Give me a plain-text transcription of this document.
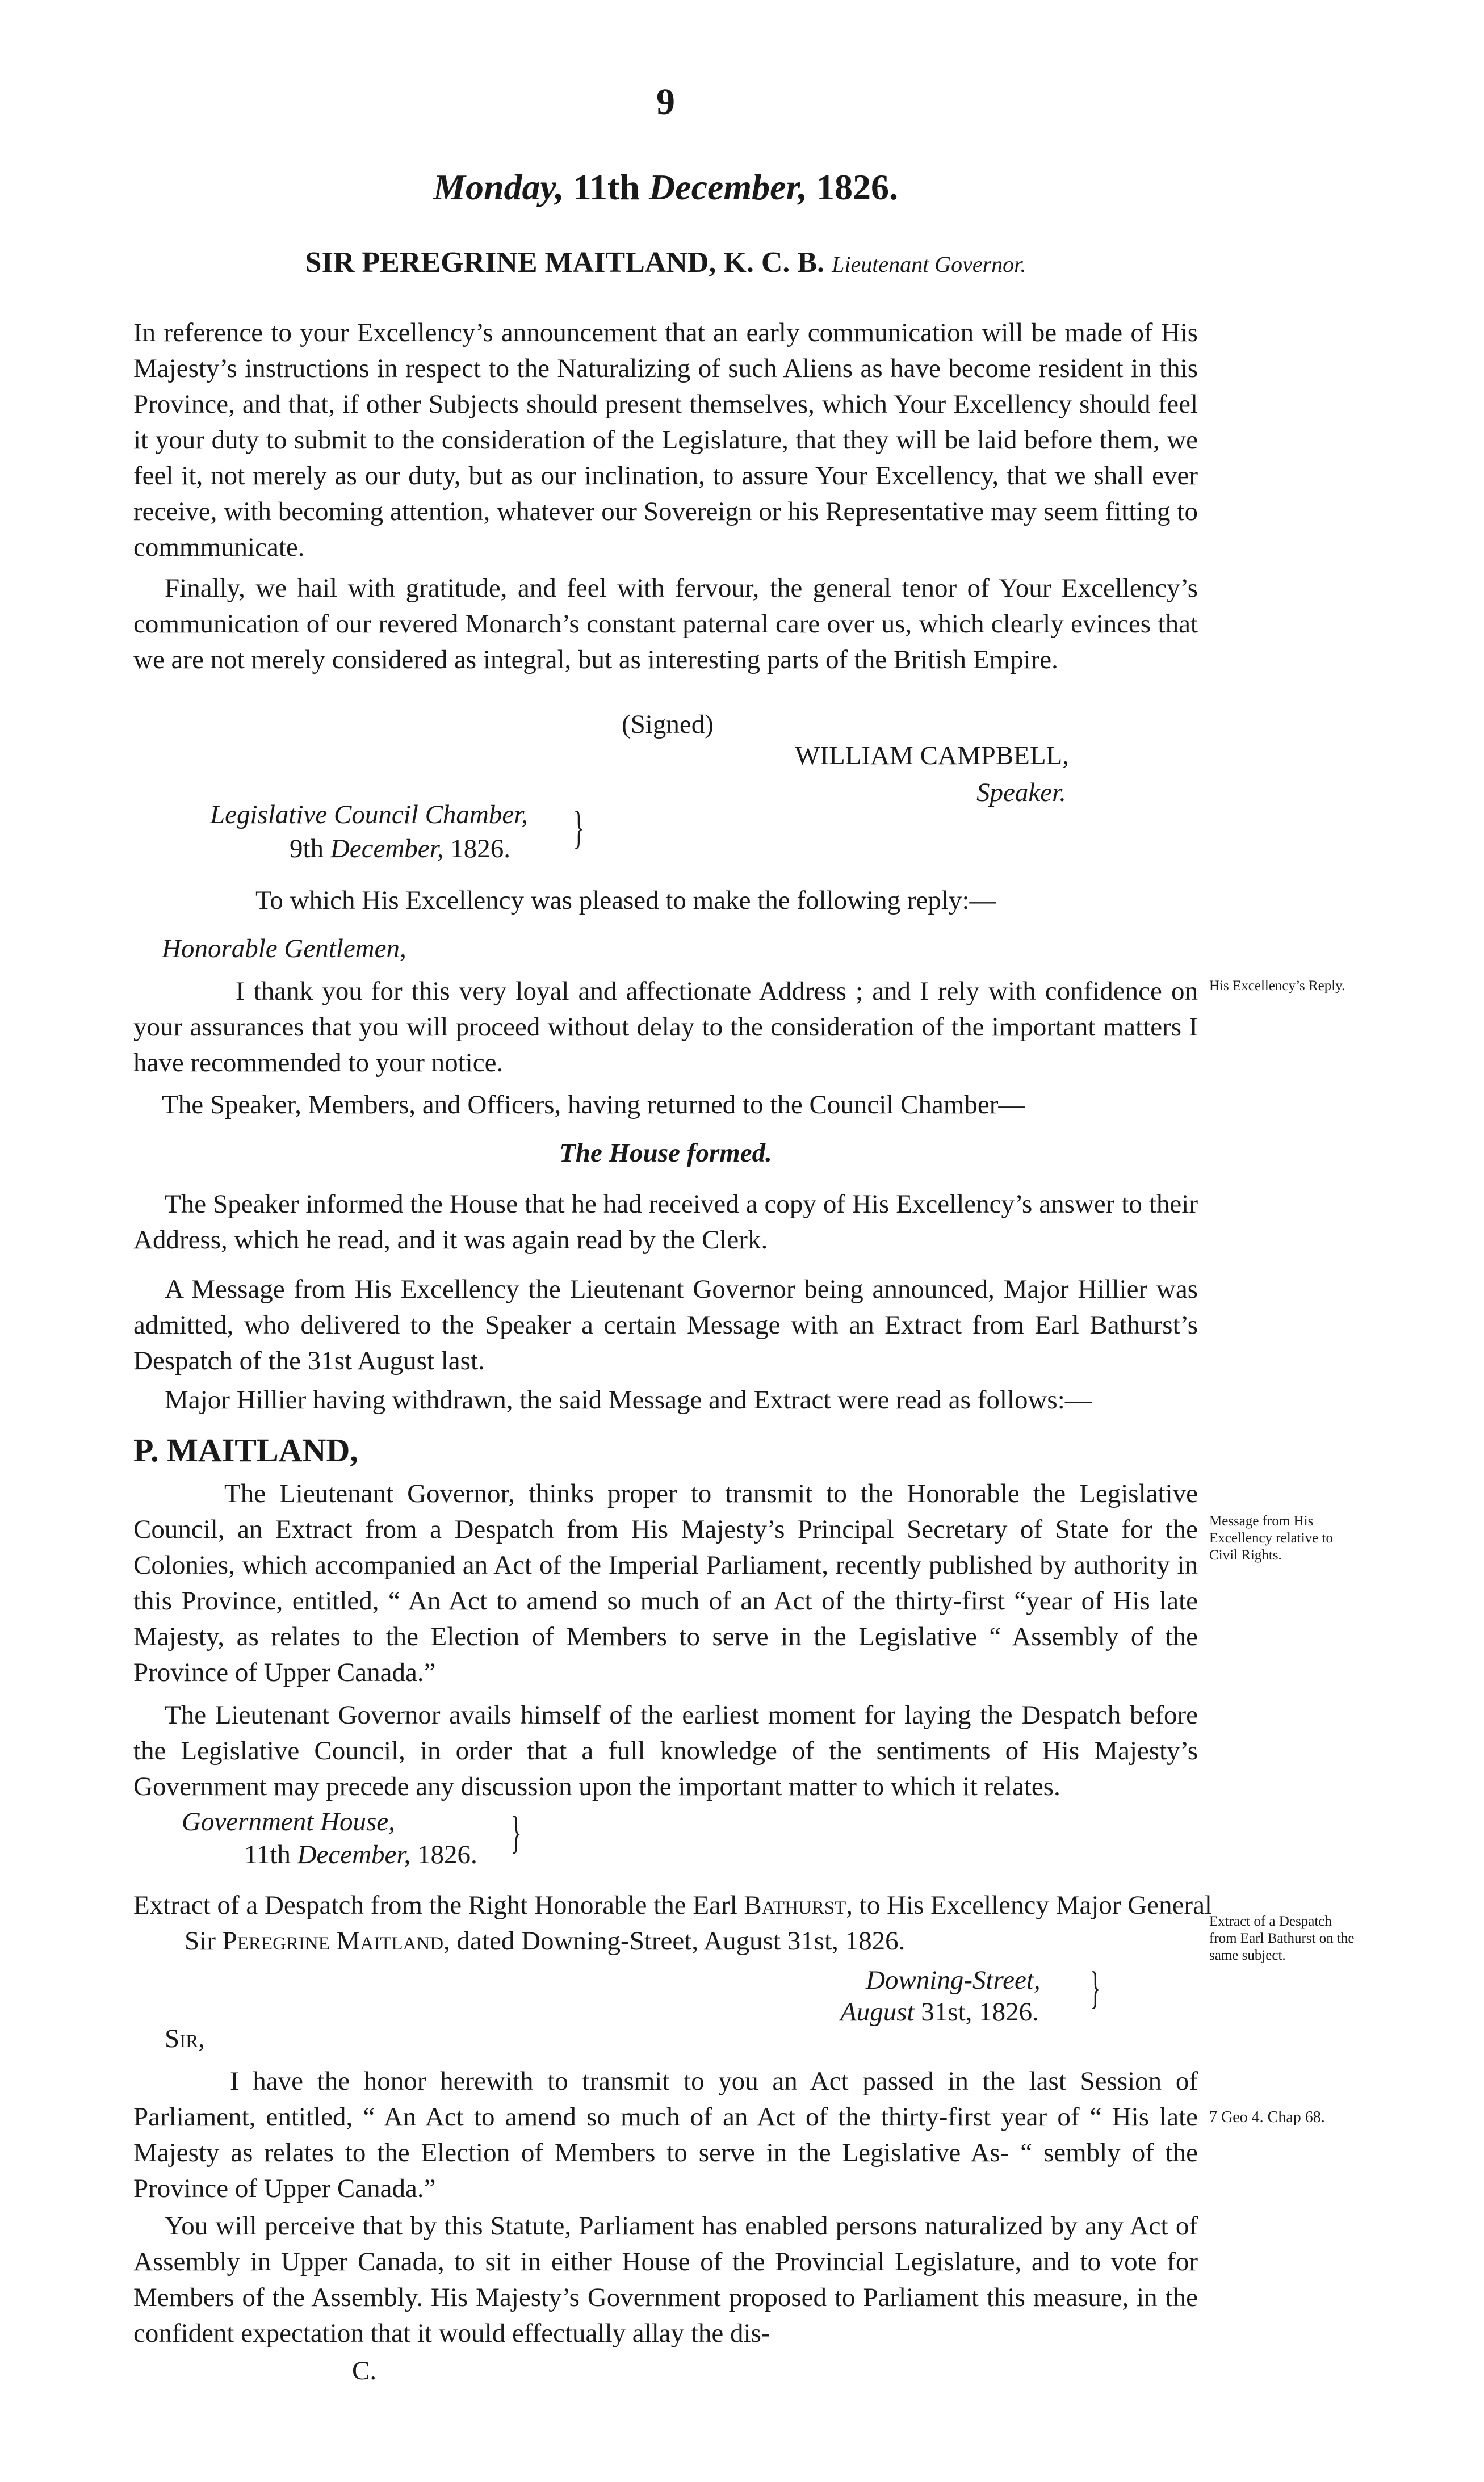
9
Monday, 11th December, 1826.
SIR PEREGRINE MAITLAND, K. C. B. Lieutenant Governor.

In reference to your Excellency’s announcement that an early communication will be made of His Majesty’s instructions in respect to the Naturalizing of such Aliens as have become resident in this Province, and that, if other Subjects should present themselves, which Your Excellency should feel it your duty to submit to the consideration of the Legislature, that they will be laid before them, we feel it, not merely as our duty, but as our inclination, to assure Your Excellency, that we shall ever receive, with becoming attention, whatever our Sovereign or his Representative may seem fitting to commmunicate.

Finally, we hail with gratitude, and feel with fervour, the general tenor of Your Excellency’s communication of our revered Monarch’s constant paternal care over us, which clearly evinces that we are not merely considered as integral, but as interesting parts of the British Empire.

(Signed)
WILLIAM CAMPBELL,
Speaker.
Legislative Council Chamber,
9th December, 1826.	}

To which His Excellency was pleased to make the following reply:—

Honorable Gentlemen,

I thank you for this very loyal and affectionate Address ; and I rely with confidence on your assurances that you will proceed without delay to the consideration of the important matters I have recommended to your notice.

The Speaker, Members, and Officers, having returned to the Council Chamber—

The House formed.

The Speaker informed the House that he had received a copy of His Excellency’s answer to their Address, which he read, and it was again read by the Clerk.

A Message from His Excellency the Lieutenant Governor being announced, Major Hillier was admitted, who delivered to the Speaker a certain Message with an Extract from Earl Bathurst’s Despatch of the 31st August last.

Major Hillier having withdrawn, the said Message and Extract were read as follows:—

P. MAITLAND,

The Lieutenant Governor, thinks proper to transmit to the Honorable the Legislative Council, an Extract from a Despatch from His Majesty’s Principal Secretary of State for the Colonies, which accompanied an Act of the Imperial Parliament, recently published by authority in this Province, entitled, “ An Act to amend so much of an Act of the thirty-first “year of His late Majesty, as relates to the Election of Members to serve in the Legislative “ Assembly of the Province of Upper Canada.”

The Lieutenant Governor avails himself of the earliest moment for laying the Despatch before the Legislative Council, in order that a full knowledge of the sentiments of His Majesty’s Government may precede any discussion upon the important matter to which it relates.

Government House,
11th December, 1826. }

Extract of a Despatch from the Right Honorable the Earl Bathurst, to His Excellency Major General Sir Peregrine Maitland, dated Downing-Street, August 31st, 1826.

Downing-Street,
August 31st, 1826.	}
Sir,

I have the honor herewith to transmit to you an Act passed in the last Session of Parliament, entitled, “ An Act to amend so much of an Act of the thirty-first year of “ His late Majesty as relates to the Election of Members to serve in the Legislative As- “ sembly of the Province of Upper Canada.”

You will perceive that by this Statute, Parliament has enabled persons naturalized by any Act of Assembly in Upper Canada, to sit in either House of the Provincial Legislature, and to vote for Members of the Assembly. His Majesty’s Government proposed to Parliament this measure, in the confident expectation that it would effectually allay the dis-

C.
His Excellency’s Reply.
Message from His Excellency relative to Civil Rights.
Extract of a Despatch from Earl Bathurst on the same subject.
7 Geo 4. Chap 68.
